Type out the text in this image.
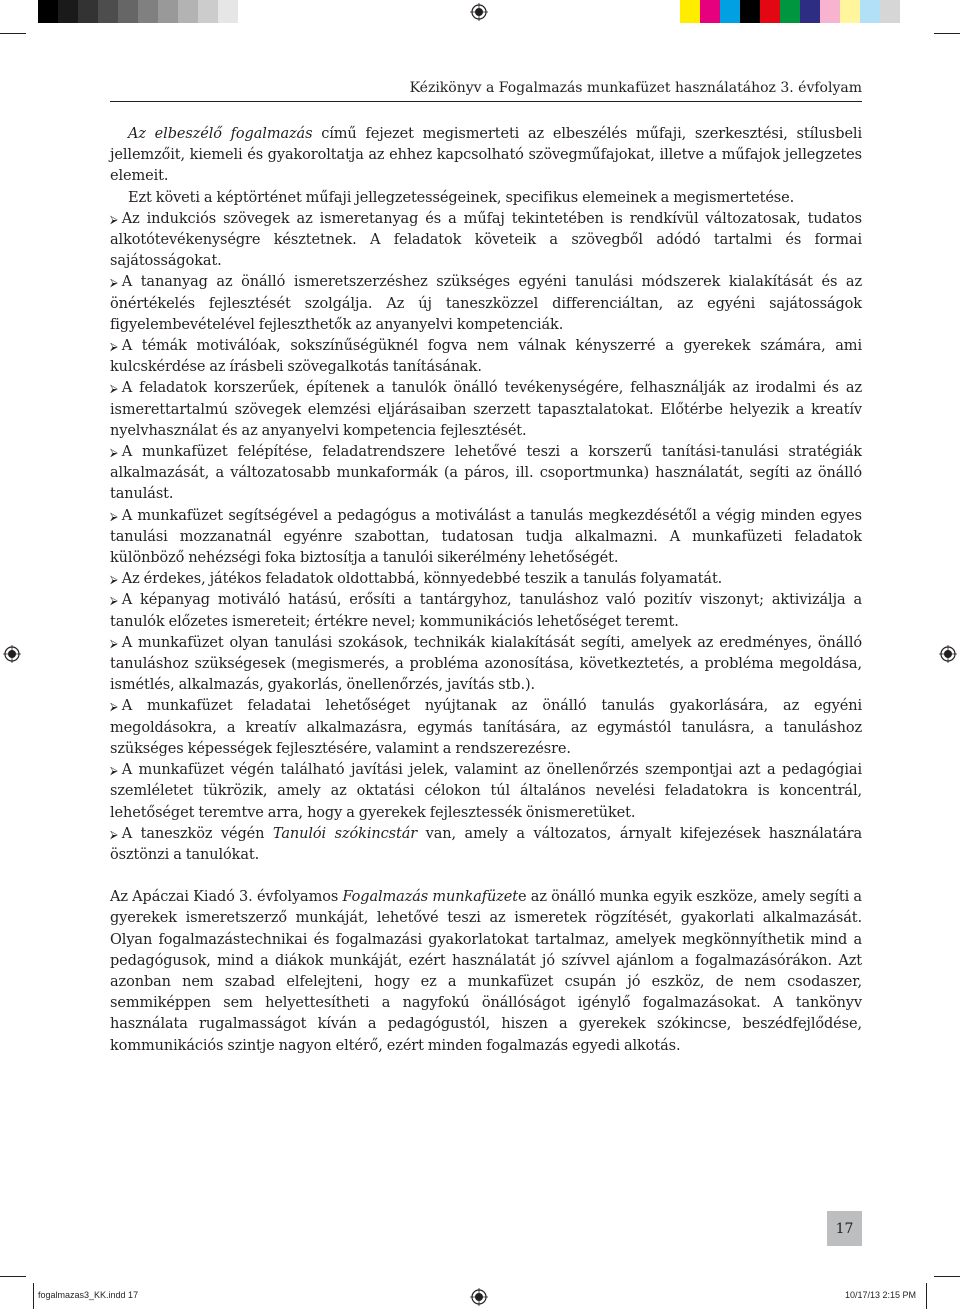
Kézikönyv a Fogalmazás munkafüzet használatához 3. évfolyam

Az elbeszélő fogalmazás című fejezet megismerteti az elbeszélés műfaji, szerkesztési, stílusbeli jellemzőit, kiemeli és gyakoroltatja az ehhez kapcsolható szövegműfajokat, illetve a műfajok jellegzetes elemeit.

Ezt követi a képtörténet műfaji jellegzetességeinek, specifikus elemeinek a megismertetése.

⮚ Az indukciós szövegek az ismeretanyag és a műfaj tekintetében is rendkívül változatosak, tudatos alkotótevékenységre késztetnek. A feladatok követeik a szövegből adódó tartalmi és formai sajátosságokat.

⮚ A tananyag az önálló ismeretszerzéshez szükséges egyéni tanulási módszerek kialakítását és az önértékelés fejlesztését szolgálja. Az új taneszközzel differenciáltan, az egyéni sajátosságok figyelembevételével fejleszthetők az anyanyelvi kompetenciák.

⮚ A témák motiválóak, sokszínűségüknél fogva nem válnak kényszerré a gyerekek számára, ami kulcskérdése az írásbeli szövegalkotás tanításának.

⮚ A feladatok korszerűek, építenek a tanulók önálló tevékenységére, felhasználják az irodalmi és az ismerettartalmú szövegek elemzési eljárásaiban szerzett tapasztalatokat. Előtérbe helyezik a kreatív nyelvhasználat és az anyanyelvi kompetencia fejlesztését.

⮚ A munkafüzet felépítése, feladatrendszere lehetővé teszi a korszerű tanítási-tanulási stratégiák alkalmazását, a változatosabb munkaformák (a páros, ill. csoportmunka) használatát, segíti az önálló tanulást.

⮚ A munkafüzet segítségével a pedagógus a motiválást a tanulás megkezdésétől a végig minden egyes tanulási mozzanatnál egyénre szabottan, tudatosan tudja alkalmazni. A munkafüzeti feladatok különböző nehézségi foka biztosítja a tanulói sikerélmény lehetőségét.

⮚ Az érdekes, játékos feladatok oldottabbá, könnyedebbé teszik a tanulás folyamatát.

⮚ A képanyag motiváló hatású, erősíti a tantárgyhoz, tanuláshoz való pozitív viszonyt; aktivizálja a tanulók előzetes ismereteit; értékre nevel; kommunikációs lehetőséget teremt.

⮚ A munkafüzet olyan tanulási szokások, technikák kialakítását segíti, amelyek az eredményes, önálló tanuláshoz szükségesek (megismerés, a probléma azonosítása, következtetés, a probléma megoldása, ismétlés, alkalmazás, gyakorlás, önellenőrzés, javítás stb.).

⮚ A munkafüzet feladatai lehetőséget nyújtanak az önálló tanulás gyakorlására, az egyéni megoldásokra, a kreatív alkalmazásra, egymás tanítására, az egymástól tanulásra, a tanuláshoz szükséges képességek fejlesztésére, valamint a rendszerezésre.

⮚ A munkafüzet végén található javítási jelek, valamint az önellenőrzés szempontjai azt a pedagógiai szemléletet tükrözik, amely az oktatási célokon túl általános nevelési feladatokra is koncentrál, lehetőséget teremtve arra, hogy a gyerekek fejlesztessék önismeretüket.

⮚ A taneszköz végén Tanulói szókincstár van, amely a változatos, árnyalt kifejezések használatára ösztönzi a tanulókat.

Az Apáczai Kiadó 3. évfolyamos Fogalmazás munkafüzete az önálló munka egyik eszköze, amely segíti a gyerekek ismeretszerző munkáját, lehetővé teszi az ismeretek rögzítését, gyakorlati alkalmazását. Olyan fogalmazástechnikai és fogalmazási gyakorlatokat tartalmaz, amelyek megkönnyíthetik mind a pedagógusok, mind a diákok munkáját, ezért használatát jó szívvel ajánlom a fogalmazásórákon. Azt azonban nem szabad elfelejteni, hogy ez a munkafüzet csupán jó eszköz, de nem csodaszer, semmiképpen sem helyettesítheti a nagyfokú önállóságot igénylő fogalmazásokat. A tankönyv használata rugalmasságot kíván a pedagógustól, hiszen a gyerekek szókincse, beszédfejlődése, kommunikációs szintje nagyon eltérő, ezért minden fogalmazás egyedi alkotás.

17
fogalmazas3_KK.indd 17	10/17/13 2:15 PM
